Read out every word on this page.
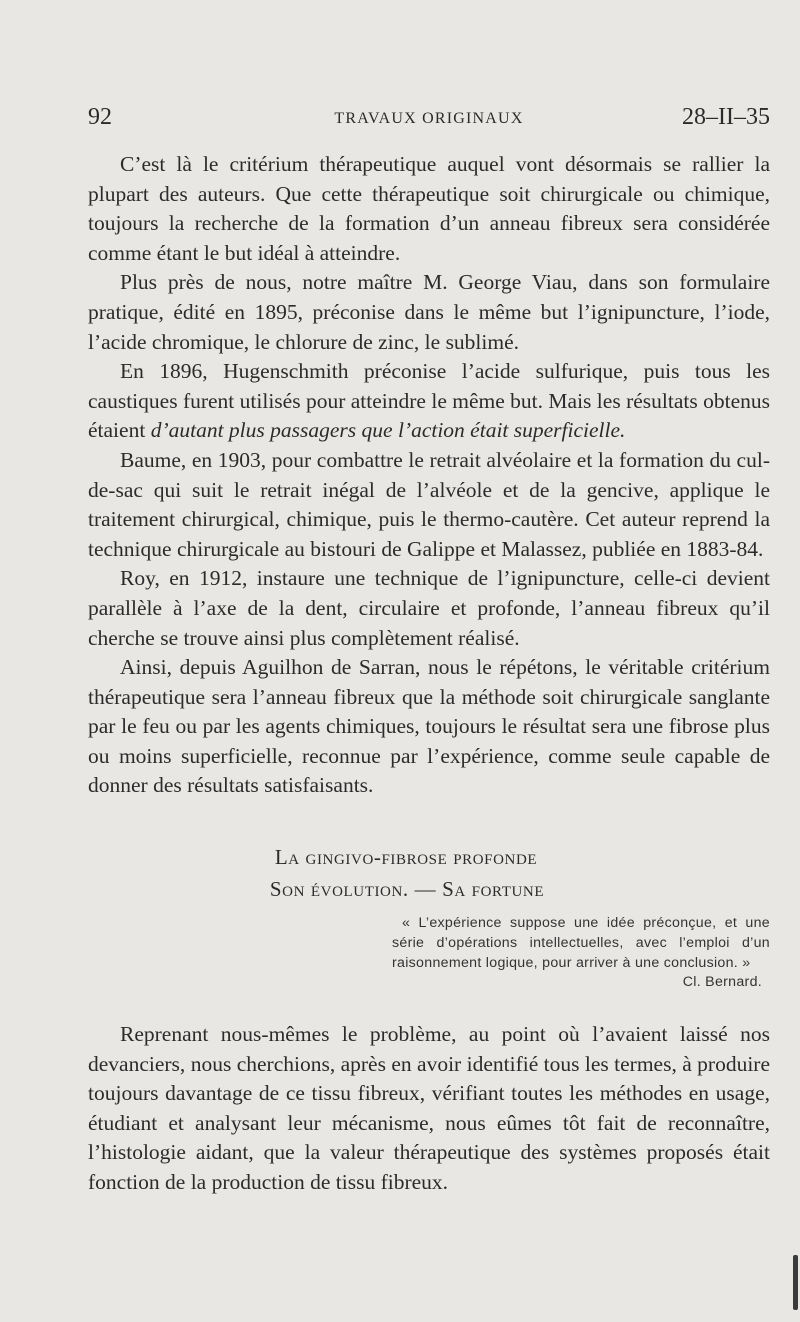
92	TRAVAUX ORIGINAUX	28–II–35

C’est là le critérium thérapeutique auquel vont désormais se rallier la plupart des auteurs. Que cette thérapeutique soit chirurgicale ou chimique, toujours la recherche de la formation d’un anneau fibreux sera considérée comme étant le but idéal à atteindre.

Plus près de nous, notre maître M. George Viau, dans son formulaire pratique, édité en 1895, préconise dans le même but l’ignipuncture, l’iode, l’acide chromique, le chlorure de zinc, le sublimé.

En 1896, Hugenschmith préconise l’acide sulfurique, puis tous les caustiques furent utilisés pour atteindre le même but. Mais les résultats obtenus étaient d’autant plus passagers que l’action était superficielle.

Baume, en 1903, pour combattre le retrait alvéolaire et la formation du cul-de-sac qui suit le retrait inégal de l’alvéole et de la gencive, applique le traitement chirurgical, chimique, puis le thermo-cautère. Cet auteur reprend la technique chirurgicale au bistouri de Galippe et Malassez, publiée en 1883-84.

Roy, en 1912, instaure une technique de l’ignipuncture, celle-ci devient parallèle à l’axe de la dent, circulaire et profonde, l’anneau fibreux qu’il cherche se trouve ainsi plus complètement réalisé.

Ainsi, depuis Aguilhon de Sarran, nous le répétons, le véritable critérium thérapeutique sera l’anneau fibreux que la méthode soit chirurgicale sanglante par le feu ou par les agents chimiques, toujours le résultat sera une fibrose plus ou moins superficielle, reconnue par l’expérience, comme seule capable de donner des résultats satisfaisants.

La gingivo-fibrose profonde
Son évolution. — Sa fortune
« L’expérience suppose une idée préconçue, et une série d’opérations intellectuelles, avec l’emploi d’un raisonnement logique, pour arriver à une conclusion. »
Cl. Bernard.

Reprenant nous-mêmes le problème, au point où l’avaient laissé nos devanciers, nous cherchions, après en avoir identifié tous les termes, à produire toujours davantage de ce tissu fibreux, vérifiant toutes les méthodes en usage, étudiant et analysant leur mécanisme, nous eûmes tôt fait de reconnaître, l’histologie aidant, que la valeur thérapeutique des systèmes proposés était fonction de la production de tissu fibreux.
